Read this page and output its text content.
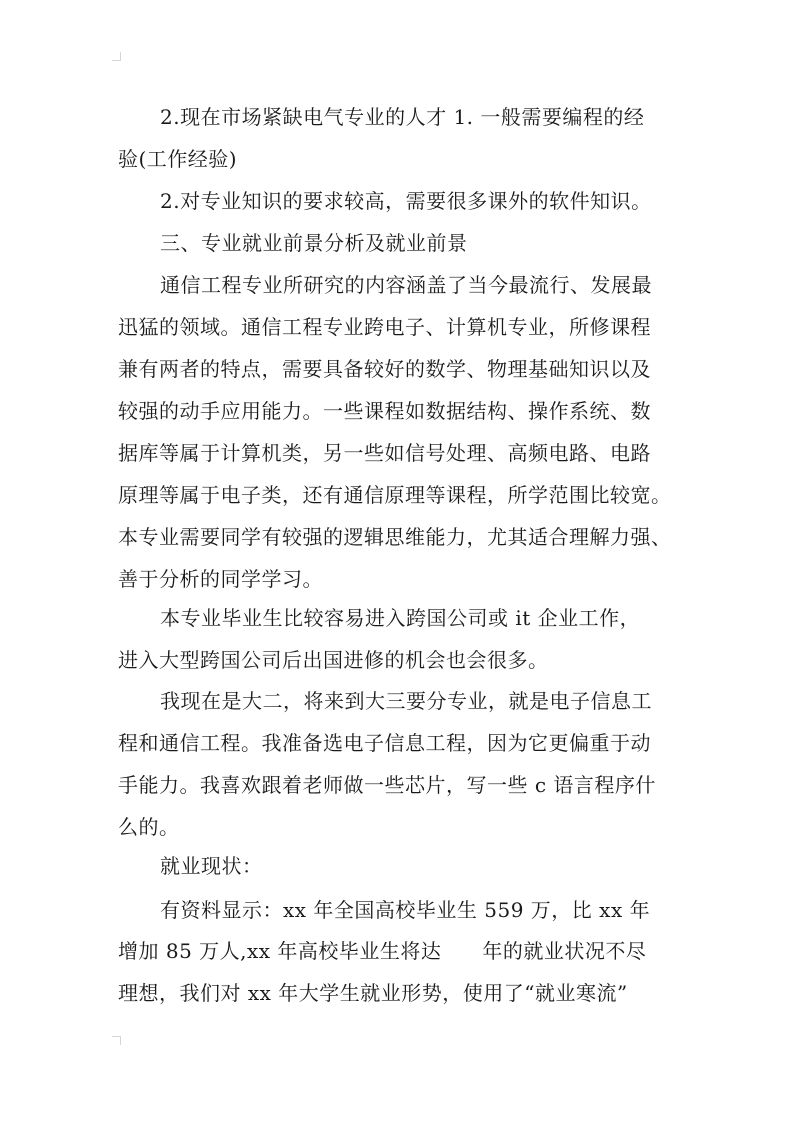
2.现在市场紧缺电气专业的人才 1. 一般需要编程的经
验(工作经验)
2.对专业知识的要求较高，需要很多课外的软件知识。
三、专业就业前景分析及就业前景
通信工程专业所研究的内容涵盖了当今最流行、发展最
迅猛的领域。通信工程专业跨电子、计算机专业，所修课程
兼有两者的特点，需要具备较好的数学、物理基础知识以及
较强的动手应用能力。一些课程如数据结构、操作系统、数
据库等属于计算机类，另一些如信号处理、高频电路、电路
原理等属于电子类，还有通信原理等课程，所学范围比较宽。
本专业需要同学有较强的逻辑思维能力，尤其适合理解力强、
善于分析的同学学习。
本专业毕业生比较容易进入跨国公司或 it 企业工作，
进入大型跨国公司后出国进修的机会也会很多。
我现在是大二，将来到大三要分专业，就是电子信息工
程和通信工程。我准备选电子信息工程，因为它更偏重于动
手能力。我喜欢跟着老师做一些芯片，写一些 c 语言程序什
么的。
就业现状：
有资料显示：xx 年全国高校毕业生 559 万，比 xx 年
增加 85 万人,xx 年高校毕业生将达　　年的就业状况不尽
理想，我们对 xx 年大学生就业形势，使用了“就业寒流”
